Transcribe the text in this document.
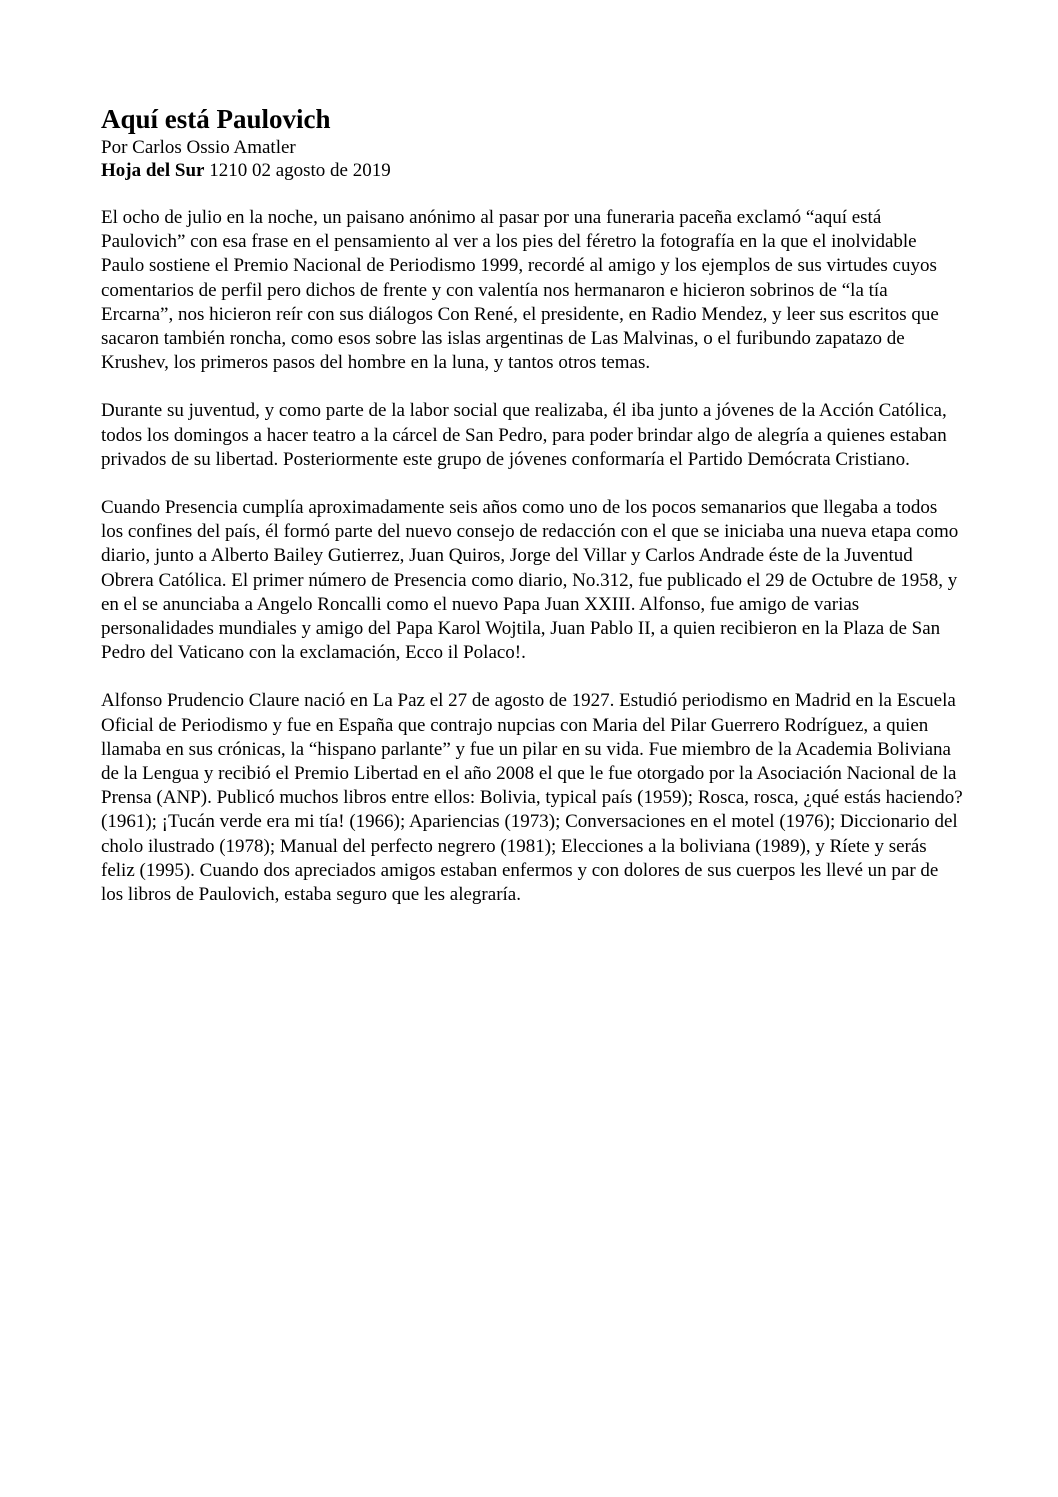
Aquí está Paulovich

Por Carlos Ossio Amatler

Hoja del Sur 1210 02 agosto de 2019

El ocho de julio en la noche, un paisano anónimo al pasar por una funeraria paceña exclamó “aquí está Paulovich” con esa frase en el pensamiento al ver a los pies del féretro la fotografía en la que el inolvidable Paulo sostiene el Premio Nacional de Periodismo 1999, recordé al amigo y los ejemplos de sus virtudes cuyos comentarios de perfil pero dichos de frente y con valentía nos hermanaron e hicieron sobrinos de “la tía Ercarna”, nos hicieron reír con sus diálogos Con René, el presidente, en Radio Mendez, y leer sus escritos que sacaron también roncha, como esos sobre las islas argentinas de Las Malvinas, o el furibundo zapatazo de Krushev, los primeros pasos del hombre en la luna, y tantos otros temas.

Durante su juventud, y como parte de la labor social que realizaba, él iba junto a jóvenes de la Acción Católica, todos los domingos a hacer teatro a la cárcel de San Pedro, para poder brindar algo de alegría a quienes estaban privados de su libertad. Posteriormente este grupo de jóvenes conformaría el Partido Demócrata Cristiano.

Cuando Presencia cumplía aproximadamente seis años como uno de los pocos semanarios que llegaba a todos los confines del país, él formó parte del nuevo consejo de redacción con el que se iniciaba una nueva etapa como diario, junto a Alberto Bailey Gutierrez, Juan Quiros, Jorge del Villar y Carlos Andrade éste de la Juventud Obrera Católica. El primer número de Presencia como diario, No.312, fue publicado el 29 de Octubre de 1958, y en el se anunciaba a Angelo Roncalli como el nuevo Papa Juan XXIII. Alfonso, fue amigo de varias personalidades mundiales y amigo del Papa Karol Wojtila, Juan Pablo II, a quien recibieron en la Plaza de San Pedro del Vaticano con la exclamación, Ecco il Polaco!.

Alfonso Prudencio Claure nació en La Paz el 27 de agosto de 1927. Estudió periodismo en Madrid en la Escuela Oficial de Periodismo y fue en España que contrajo nupcias con Maria del Pilar Guerrero Rodríguez, a quien llamaba en sus crónicas, la “hispano parlante” y fue un pilar en su vida. Fue miembro de la Academia Boliviana de la Lengua y recibió el Premio Libertad en el año 2008 el que le fue otorgado por la Asociación Nacional de la Prensa (ANP). Publicó muchos libros entre ellos: Bolivia, typical país (1959); Rosca, rosca, ¿qué estás haciendo? (1961); ¡Tucán verde era mi tía! (1966); Apariencias (1973); Conversaciones en el motel (1976); Diccionario del cholo ilustrado (1978); Manual del perfecto negrero (1981); Elecciones a la boliviana (1989), y Ríete y serás feliz (1995). Cuando dos apreciados amigos estaban enfermos y con dolores de sus cuerpos les llevé un par de los libros de Paulovich, estaba seguro que les alegraría.
